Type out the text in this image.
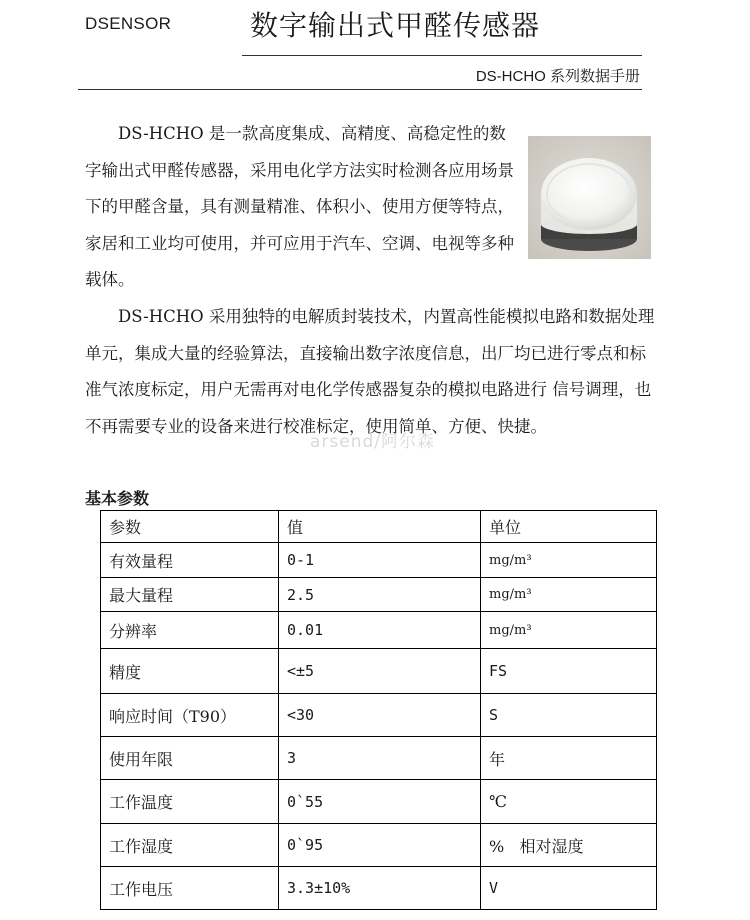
DSENSOR	数字输出式甲醛传感器
DS-HCHO 系列数据手册

DS-HCHO 是一款高度集成、高精度、高稳定性的数字输出式甲醛传感器，采用电化学方法实时检测各应用场景下的甲醛含量，具有测量精准、体积小、使用方便等特点， 家居和工业均可使用，并可应用于汽车、空调、电视等多种载体。

DS-HCHO 采用独特的电解质封装技术，内置高性能模拟电路和数据处理单元，集成大量的经验算法，直接输出数字浓度信息，出厂均已进行零点和标准气浓度标定，用户无需再对电化学传感器复杂的模拟电路进行 信号调理，也不再需要专业的设备来进行校准标定，使用简单、方便、快捷。

arsend/阿尔森
基本参数
参数	值	单位
有效量程	0-1	mg/m³
最大量程	2.5	mg/m³
分辨率	0.01	mg/m³
精度	<±5	FS
响应时间（T90）	<30	S
使用年限	3	年
工作温度	0`55	℃
工作湿度	0`95	%   相对湿度
工作电压	3.3±10%	V
